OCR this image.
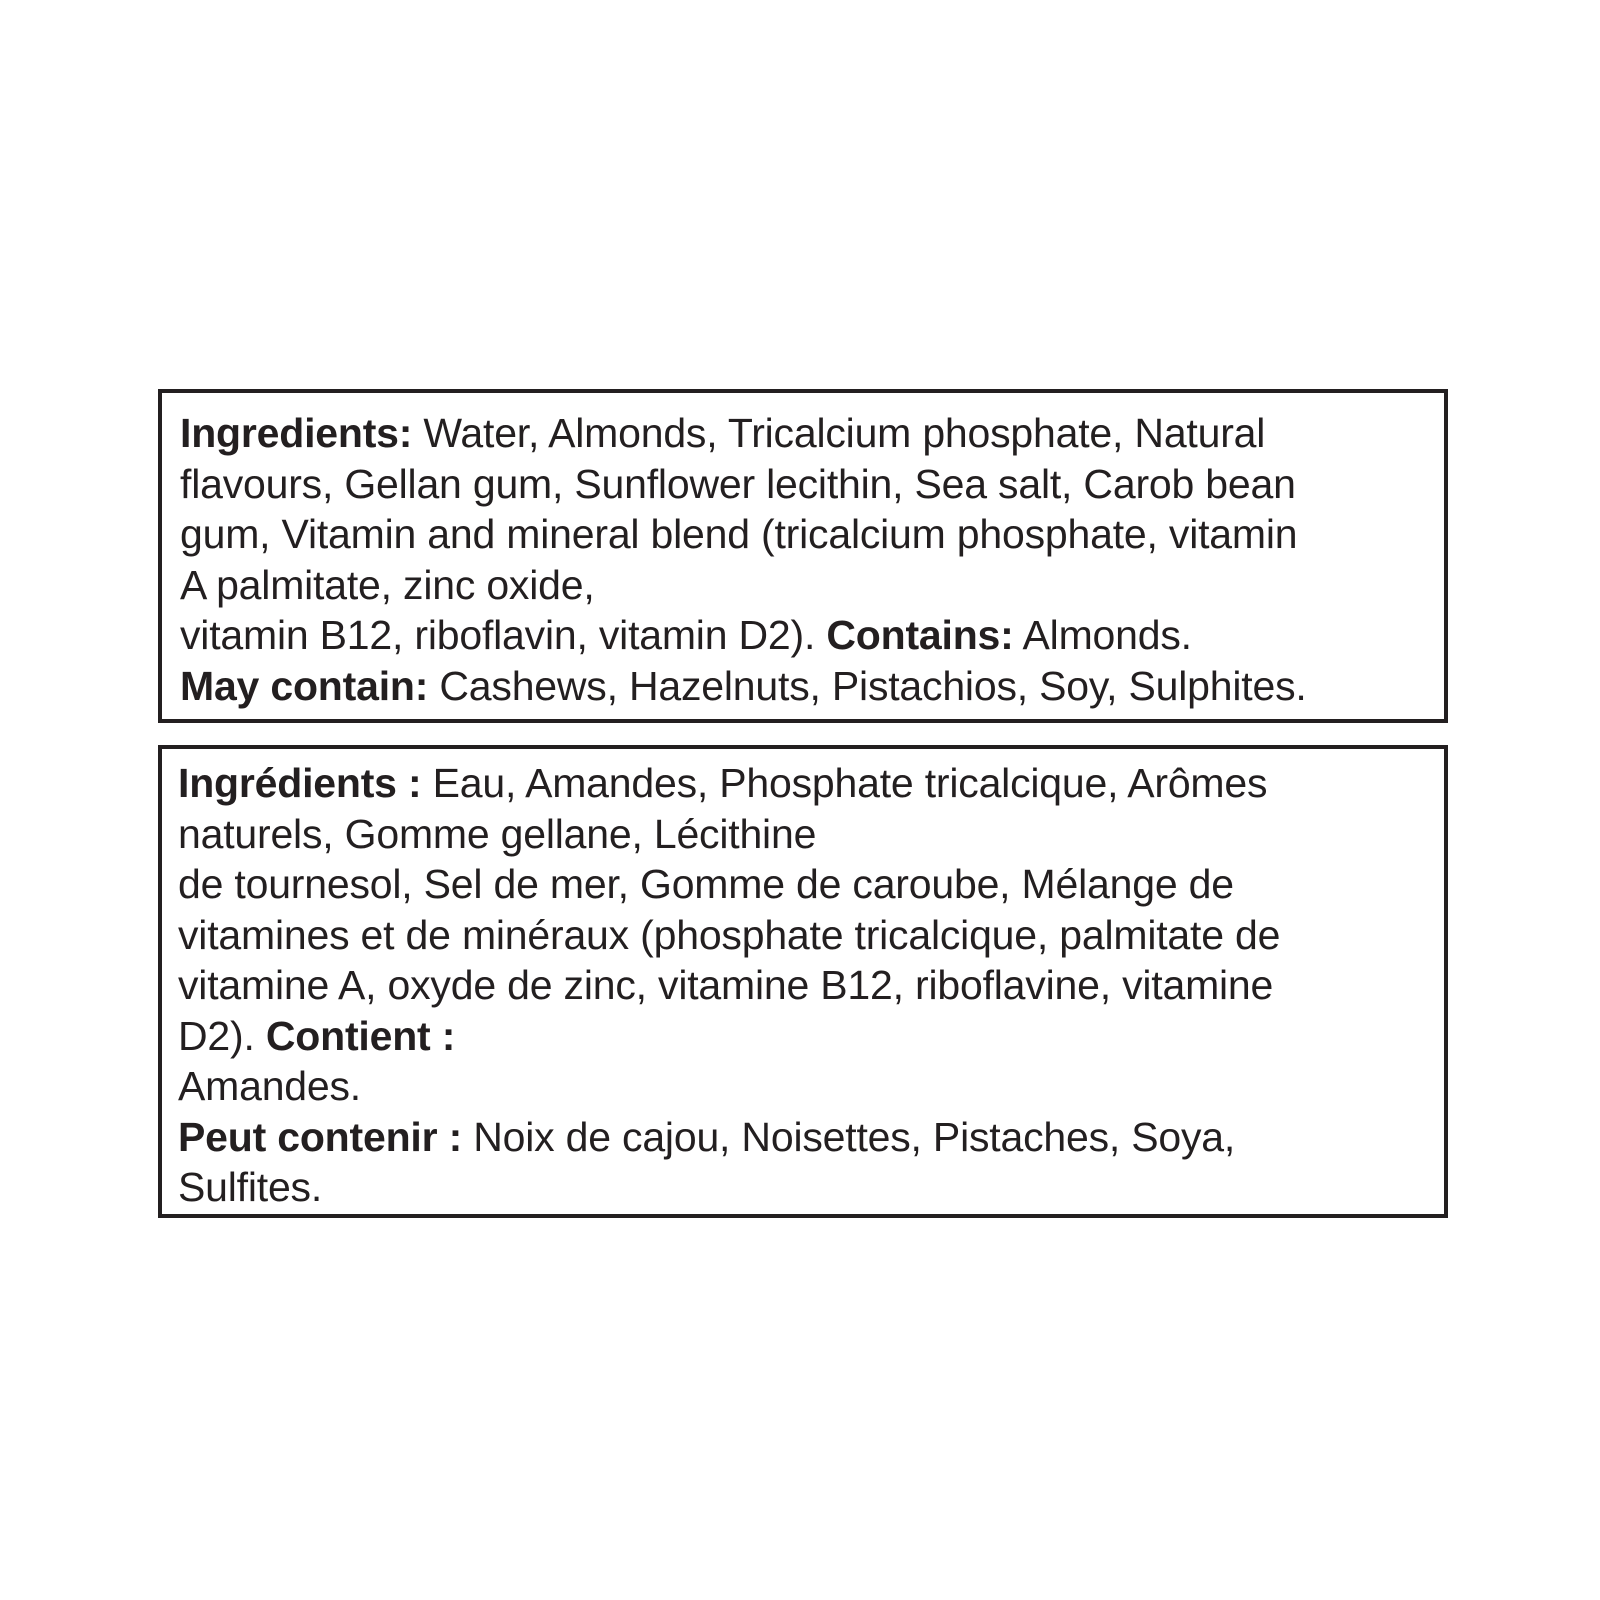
Ingredients: Water, Almonds, Tricalcium phosphate, Natural
flavours, Gellan gum, Sunflower lecithin, Sea salt, Carob bean
gum, Vitamin and mineral blend (tricalcium phosphate, vitamin
A palmitate, zinc oxide,
vitamin B12, riboflavin, vitamin D2). Contains: Almonds.
May contain: Cashews, Hazelnuts, Pistachios, Soy, Sulphites.
Ingrédients : Eau, Amandes, Phosphate tricalcique, Arômes
naturels, Gomme gellane, Lécithine
de tournesol, Sel de mer, Gomme de caroube, Mélange de
vitamines et de minéraux (phosphate tricalcique, palmitate de
vitamine A, oxyde de zinc, vitamine B12, riboflavine, vitamine
D2). Contient :
Amandes.
Peut contenir : Noix de cajou, Noisettes, Pistaches, Soya,
Sulfites.
